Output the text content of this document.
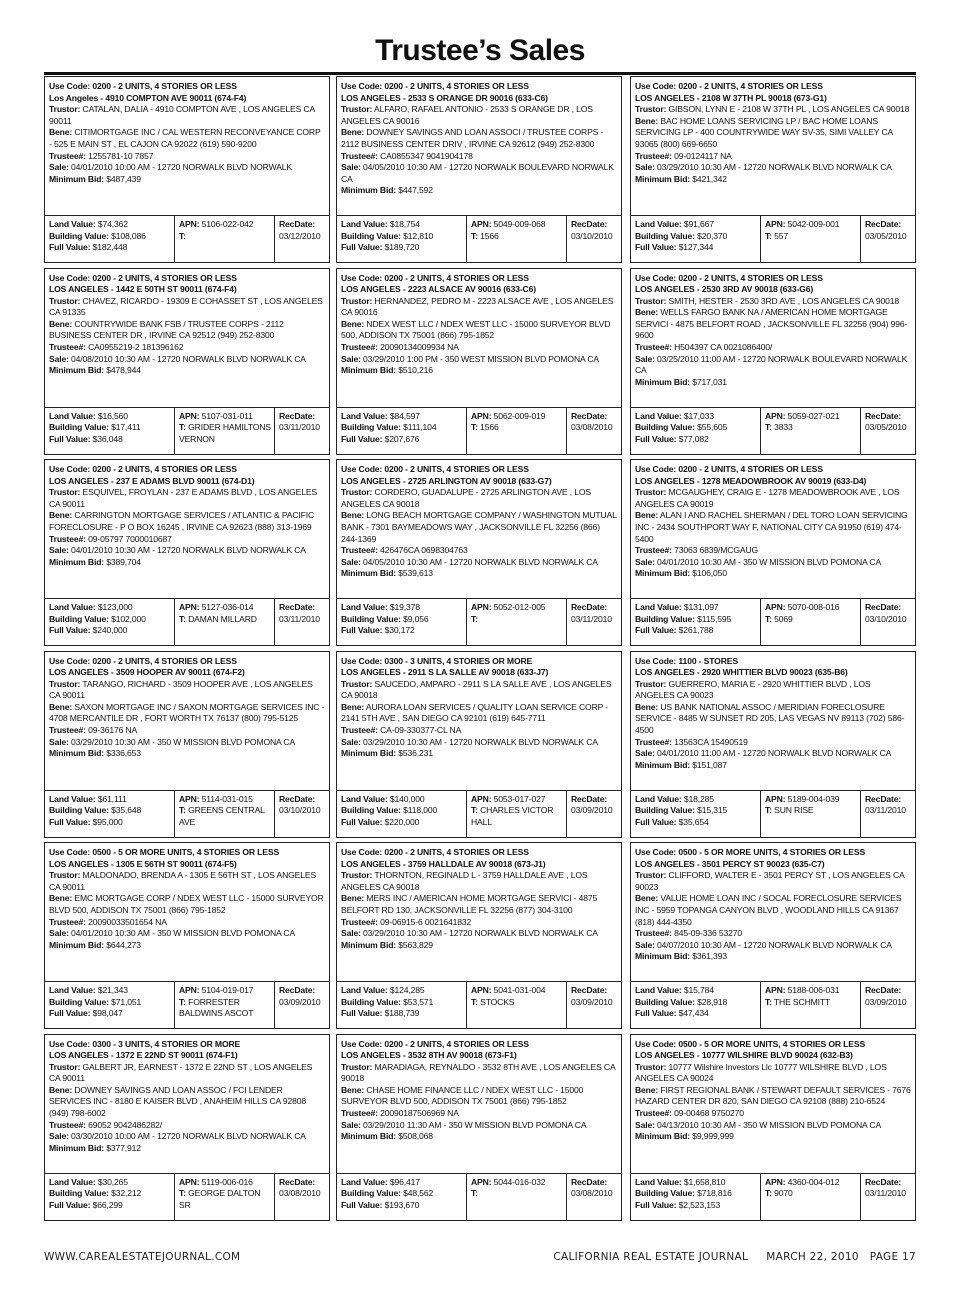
Trustee’s Sales
Use Code: 0200 - 2 UNITS, 4 STORIES OR LESS
Los Angeles - 4910 COMPTON AVE 90011 (674-F4)
Trustor: CATALAN, DALIA - 4910 COMPTON AVE , LOS ANGELES CA 90011
Bene: CITIMORTGAGE INC / CAL WESTERN RECONVEYANCE CORP - 525 E MAIN ST , EL CAJON CA 92022 (619) 590-9200
Trustee#: 1255781-10 7857
Sale: 04/01/2010 10:00 AM - 12720 NORWALK BLVD NORWALK
Minimum Bid: $487,439
Land Value: $74,362
Building Value: $108,086
Full Value: $182,448
APN: 5106-022-042
T:
RecDate:
03/12/2010
Use Code: 0200 - 2 UNITS, 4 STORIES OR LESS
LOS ANGELES - 2533 S ORANGE DR 90016 (633-C6)
Trustor: ALFARO, RAFAEL ANTONIO - 2533 S ORANGE DR , LOS ANGELES CA 90016
Bene: DOWNEY SAVINGS AND LOAN ASSOCI / TRUSTEE CORPS - 2112 BUSINESS CENTER DRIV , IRVINE CA 92612 (949) 252-8300
Trustee#: CA0855347 9041904178
Sale: 04/05/2010 10:30 AM - 12720 NORWALK BOULEVARD NORWALK CA
Minimum Bid: $447,592
Land Value: $18,754
Building Value: $12,810
Full Value: $189,720
APN: 5049-009-068
T: 1566
RecDate:
03/10/2010
Use Code: 0200 - 2 UNITS, 4 STORIES OR LESS
LOS ANGELES - 2108 W 37TH PL 90018 (673-G1)
Trustor: GIBSON, LYNN E - 2108 W 37TH PL , LOS ANGELES CA 90018
Bene: BAC HOME LOANS SERVICING LP / BAC HOME LOANS SERVICING LP - 400 COUNTRYWIDE WAY SV-35, SIMI VALLEY CA 93065 (800) 669-6650
Trustee#: 09-0124117 NA
Sale: 03/29/2010 10:30 AM - 12720 NORWALK BLVD NORWALK CA
Minimum Bid: $421,342
Land Value: $91,667
Building Value: $20,370
Full Value: $127,344
APN: 5042-009-001
T: 557
RecDate:
03/05/2010
Use Code: 0200 - 2 UNITS, 4 STORIES OR LESS
LOS ANGELES - 1442 E 50TH ST 90011 (674-F4)
Trustor: CHAVEZ, RICARDO - 19309 E COHASSET ST , LOS ANGELES CA 91335
Bene: COUNTRYWIDE BANK FSB / TRUSTEE CORPS - 2112 BUSINESS CENTER DR , IRVINE CA 92512 (949) 252-8300
Trustee#: CA0955219-2 181396162
Sale: 04/08/2010 10:30 AM - 12720 NORWALK BLVD NORWALK CA
Minimum Bid: $478,944
Land Value: $16,560
Building Value: $17,411
Full Value: $36,048
APN: 5107-031-011
T: GRIDER HAMILTONS VERNON
RecDate:
03/11/2010
Use Code: 0200 - 2 UNITS, 4 STORIES OR LESS
LOS ANGELES - 2223 ALSACE AV 90016 (633-C6)
Trustor: HERNANDEZ, PEDRO M - 2223 ALSACE AVE , LOS ANGELES CA 90016
Bene: NDEX WEST LLC / NDEX WEST LLC - 15000 SURVEYOR BLVD 500, ADDISON TX 75001 (866) 795-1852
Trustee#: 20090134009934 NA
Sale: 03/29/2010 1:00 PM - 350 WEST MISSION BLVD POMONA CA
Minimum Bid: $510,216
Land Value: $84,597
Building Value: $111,104
Full Value: $207,676
APN: 5062-009-019
T: 1566
RecDate:
03/08/2010
Use Code: 0200 - 2 UNITS, 4 STORIES OR LESS
LOS ANGELES - 2530 3RD AV 90018 (633-G6)
Trustor: SMITH, HESTER - 2530 3RD AVE , LOS ANGELES CA 90018
Bene: WELLS FARGO BANK NA / AMERICAN HOME MORTGAGE SERVICI - 4875 BELFORT ROAD , JACKSONVILLE FL 32256 (904) 996-9600
Trustee#: H504397 CA 0021086400/
Sale: 03/25/2010 11:00 AM - 12720 NORWALK BOULEVARD NORWALK CA
Minimum Bid: $717,031
Land Value: $17,033
Building Value: $55,605
Full Value: $77,082
APN: 5059-027-021
T: 3833
RecDate:
03/05/2010
Use Code: 0200 - 2 UNITS, 4 STORIES OR LESS
LOS ANGELES - 237 E ADAMS BLVD 90011 (674-D1)
Trustor: ESQUIVEL, FROYLAN - 237 E ADAMS BLVD , LOS ANGELES CA 90011
Bene: CARRINGTON MORTGAGE SERVICES / ATLANTIC & PACIFIC FORECLOSURE - P O BOX 16245 , IRVINE CA 92623 (888) 313-1969
Trustee#: 09-05797 7000010687
Sale: 04/01/2010 10:30 AM - 12720 NORWALK BLVD NORWALK CA
Minimum Bid: $389,704
Land Value: $123,000
Building Value: $102,000
Full Value: $240,000
APN: 5127-036-014
T: DAMAN MILLARD
RecDate:
03/11/2010
Use Code: 0200 - 2 UNITS, 4 STORIES OR LESS
LOS ANGELES - 2725 ARLINGTON AV 90018 (633-G7)
Trustor: CORDERO, GUADALUPE - 2725 ARLINGTON AVE , LOS ANGELES CA 90018
Bene: LONG BEACH MORTGAGE COMPANY / WASHINGTON MUTUAL BANK - 7301 BAYMEADOWS WAY , JACKSONVILLE FL 32256 (866) 244-1369
Trustee#: 426476CA 0698304763
Sale: 04/05/2010 10:30 AM - 12720 NORWALK BLVD NORWALK CA
Minimum Bid: $539,613
Land Value: $19,378
Building Value: $9,056
Full Value: $30,172
APN: 5052-012-005
T:
RecDate:
03/11/2010
Use Code: 0200 - 2 UNITS, 4 STORIES OR LESS
LOS ANGELES - 1278 MEADOWBROOK AV 90019 (633-D4)
Trustor: MCGAUGHEY, CRAIG E - 1278 MEADOWBROOK AVE , LOS ANGELES CA 90019
Bene: ALAN I AND RACHEL SHERMAN / DEL TORO LOAN SERVICING INC - 2434 SOUTHPORT WAY F, NATIONAL CITY CA 91950 (619) 474-5400
Trustee#: 73063 6839/MCGAUG
Sale: 04/01/2010 10:30 AM - 350 W MISSION BLVD POMONA CA
Minimum Bid: $106,050
Land Value: $131,097
Building Value: $115,595
Full Value: $261,788
APN: 5070-008-016
T: 5069
RecDate:
03/10/2010
Use Code: 0200 - 2 UNITS, 4 STORIES OR LESS
LOS ANGELES - 3509 HOOPER AV 90011 (674-F2)
Trustor: TARANGO, RICHARD - 3509 HOOPER AVE , LOS ANGELES CA 90011
Bene: SAXON MORTGAGE INC / SAXON MORTGAGE SERVICES INC - 4708 MERCANTILE DR , FORT WORTH TX 76137 (800) 795-5125
Trustee#: 09-36176 NA
Sale: 03/29/2010 10:30 AM - 350 W MISSION BLVD POMONA CA
Minimum Bid: $336,653
Land Value: $61,111
Building Value: $35,648
Full Value: $95,000
APN: 5114-031-015
T: GREENS CENTRAL AVE
RecDate:
03/10/2010
Use Code: 0300 - 3 UNITS, 4 STORIES OR MORE
LOS ANGELES - 2911 S LA SALLE AV 90018 (633-J7)
Trustor: SAUCEDO, AMPARO - 2911 S LA SALLE AVE , LOS ANGELES CA 90018
Bene: AURORA LOAN SERVICES / QUALITY LOAN SERVICE CORP - 2141 5TH AVE , SAN DIEGO CA 92101 (619) 645-7711
Trustee#: CA-09-330377-CL NA
Sale: 03/29/2010 10:30 AM - 12720 NORWALK BLVD NORWALK CA
Minimum Bid: $536,231
Land Value: $140,000
Building Value: $118,000
Full Value: $220,000
APN: 5053-017-027
T: CHARLES VICTOR HALL
RecDate:
03/09/2010
Use Code: 1100 - STORES
LOS ANGELES - 2920 WHITTIER BLVD 90023 (635-B6)
Trustor: GUERRERO, MARIA E - 2920 WHITTIER BLVD , LOS ANGELES CA 90023
Bene: US BANK NATIONAL ASSOC / MERIDIAN FORECLOSURE SERVICE - 8485 W SUNSET RD 205, LAS VEGAS NV 89113 (702) 586-4500
Trustee#: 13563CA 15490519
Sale: 04/01/2010 11:00 AM - 12720 NORWALK BLVD NORWALK CA
Minimum Bid: $151,087
Land Value: $18,285
Building Value: $15,315
Full Value: $35,654
APN: 5189-004-039
T: SUN RISE
RecDate:
03/11/2010
Use Code: 0500 - 5 OR MORE UNITS, 4 STORIES OR LESS
LOS ANGELES - 1305 E 56TH ST 90011 (674-F5)
Trustor: MALDONADO, BRENDA A - 1305 E 56TH ST , LOS ANGELES CA 90011
Bene: EMC MORTGAGE CORP / NDEX WEST LLC - 15000 SURVEYOR BLVD 500, ADDISON TX 75001 (866) 795-1852
Trustee#: 20090033501654 NA
Sale: 04/01/2010 10:30 AM - 350 W MISSION BLVD POMONA CA
Minimum Bid: $644,273
Land Value: $21,343
Building Value: $71,051
Full Value: $98,047
APN: 5104-019-017
T: FORRESTER BALDWINS ASCOT
RecDate:
03/09/2010
Use Code: 0200 - 2 UNITS, 4 STORIES OR LESS
LOS ANGELES - 3759 HALLDALE AV 90018 (673-J1)
Trustor: THORNTON, REGINALD L - 3759 HALLDALE AVE , LOS ANGELES CA 90018
Bene: MERS INC / AMERICAN HOME MORTGAGE SERVICI - 4875 BELFORT RD 130, JACKSONVILLE FL 32256 (877) 304-3100
Trustee#: 09-06915-6 0021641832
Sale: 03/29/2010 10:30 AM - 12720 NORWALK BLVD NORWALK CA
Minimum Bid: $563,829
Land Value: $124,285
Building Value: $53,571
Full Value: $188,739
APN: 5041-031-004
T: STOCKS
RecDate:
03/09/2010
Use Code: 0500 - 5 OR MORE UNITS, 4 STORIES OR LESS
LOS ANGELES - 3501 PERCY ST 90023 (635-C7)
Trustor: CLIFFORD, WALTER E - 3501 PERCY ST , LOS ANGELES CA 90023
Bene: VALUE HOME LOAN INC / SOCAL FORECLOSURE SERVICES INC - 5959 TOPANGA CANYON BLVD , WOODLAND HILLS CA 91367 (818) 444-4350
Trustee#: 845-09-336 53270
Sale: 04/07/2010 10:30 AM - 12720 NORWALK BLVD NORWALK CA
Minimum Bid: $361,393
Land Value: $15,784
Building Value: $28,918
Full Value: $47,434
APN: 5188-006-031
T: THE SCHMITT
RecDate:
03/09/2010
Use Code: 0300 - 3 UNITS, 4 STORIES OR MORE
LOS ANGELES - 1372 E 22ND ST 90011 (674-F1)
Trustor: GALBERT JR, EARNEST - 1372 E 22ND ST , LOS ANGELES CA 90011
Bene: DOWNEY SAVINGS AND LOAN ASSOC / FCI LENDER SERVICES INC - 8180 E KAISER BLVD , ANAHEIM HILLS CA 92808 (949) 798-6002
Trustee#: 69052 9042486282/
Sale: 03/30/2010 10:00 AM - 12720 NORWALK BLVD NORWALK CA
Minimum Bid: $377,912
Land Value: $30,265
Building Value: $32,212
Full Value: $66,299
APN: 5119-006-016
T: GEORGE DALTON SR
RecDate:
03/08/2010
Use Code: 0200 - 2 UNITS, 4 STORIES OR LESS
LOS ANGELES - 3532 8TH AV 90018 (673-F1)
Trustor: MARADIAGA, REYNALDO - 3532 8TH AVE , LOS ANGELES CA 90018
Bene: CHASE HOME FINANCE LLC / NDEX WEST LLC - 15000 SURVEYOR BLVD 500, ADDISON TX 75001 (866) 795-1852
Trustee#: 20090187506969 NA
Sale: 03/29/2010 11:30 AM - 350 W MISSION BLVD POMONA CA
Minimum Bid: $508,068
Land Value: $96,417
Building Value: $48,562
Full Value: $193,670
APN: 5044-016-032
T:
RecDate:
03/08/2010
Use Code: 0500 - 5 OR MORE UNITS, 4 STORIES OR LESS
LOS ANGELES - 10777 WILSHIRE BLVD 90024 (632-B3)
Trustor: 10777 Wilshire Investors Llc 10777 WILSHIRE BLVD , LOS ANGELES CA 90024
Bene: FIRST REGIONAL BANK / STEWART DEFAULT SERVICES - 7676 HAZARD CENTER DR 820, SAN DIEGO CA 92108 (888) 210-6524
Trustee#: 09-00468 9750270
Sale: 04/13/2010 10:30 AM - 350 W MISSION BLVD POMONA CA
Minimum Bid: $9,999,999
Land Value: $1,658,810
Building Value: $718,816
Full Value: $2,523,153
APN: 4360-004-012
T: 9070
RecDate:
03/11/2010
WWW.CAREALESTATEJOURNAL.COM	CALIFORNIA REAL ESTATE JOURNAL     MARCH 22, 2010   PAGE 17
